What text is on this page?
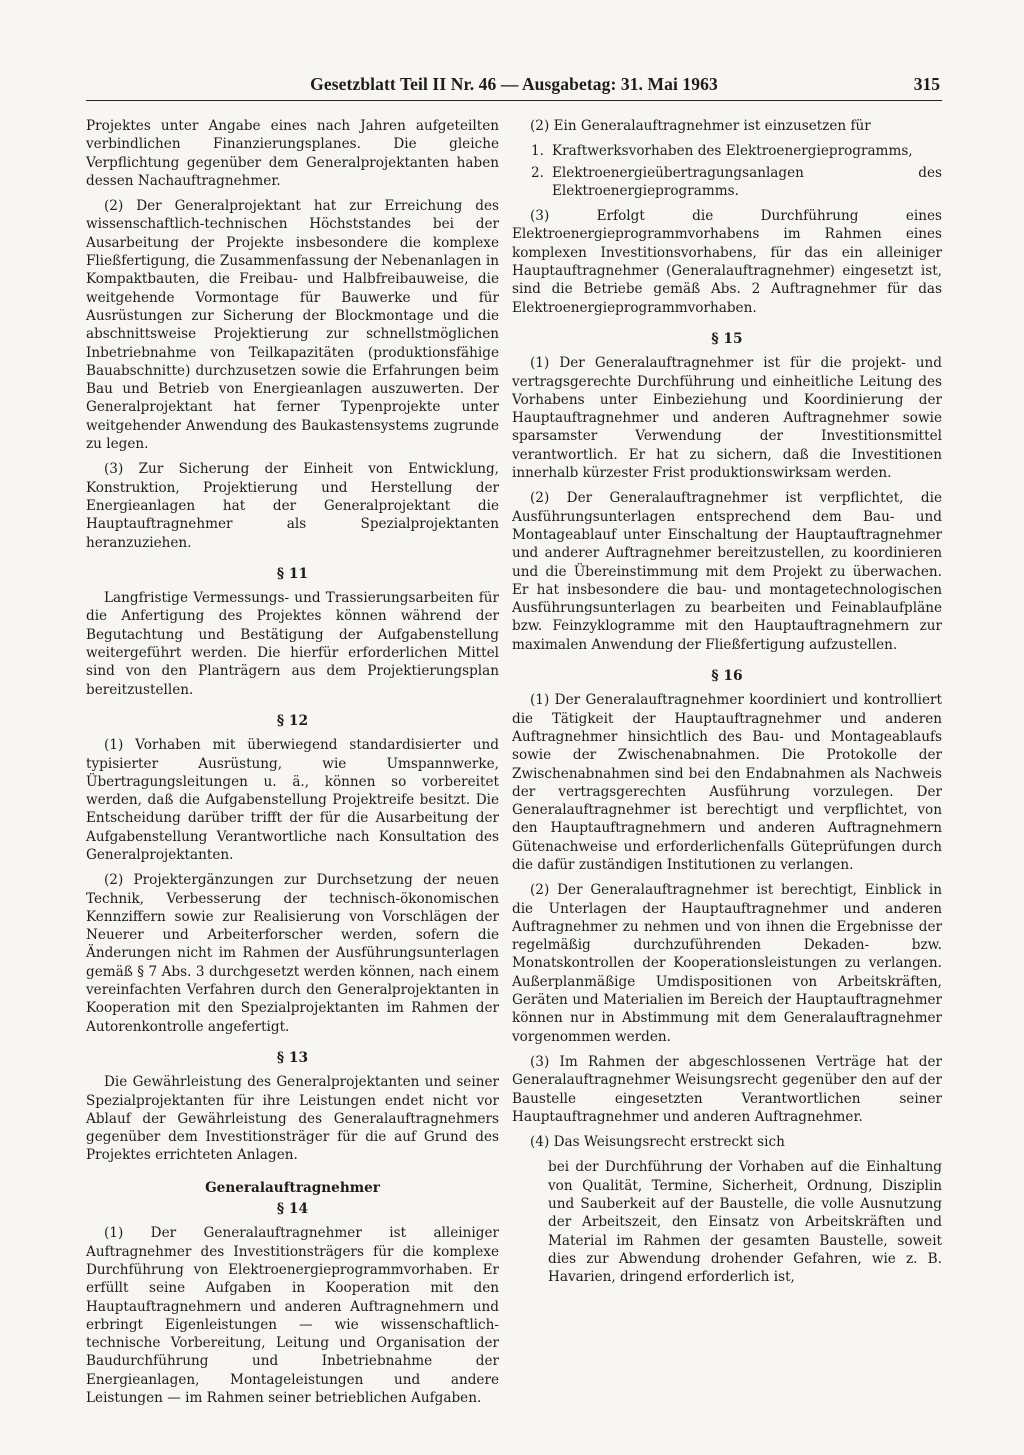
Gesetzblatt Teil II Nr. 46 — Ausgabetag: 31. Mai 1963	315

Projektes unter Angabe eines nach Jahren aufgeteilten verbindlichen Finanzierungsplanes. Die gleiche Verpflichtung gegenüber dem Generalprojektanten haben dessen Nachauftragnehmer.

(2) Der Generalprojektant hat zur Erreichung des wissenschaftlich-technischen Höchststandes bei der Ausarbeitung der Projekte insbesondere die komplexe Fließfertigung, die Zusammenfassung der Nebenanlagen in Kompaktbauten, die Freibau- und Halbfreibauweise, die weitgehende Vormontage für Bauwerke und für Ausrüstungen zur Sicherung der Blockmontage und die abschnittsweise Projektierung zur schnellstmöglichen Inbetriebnahme von Teilkapazitäten (produktionsfähige Bauabschnitte) durchzusetzen sowie die Erfahrungen beim Bau und Betrieb von Energieanlagen auszuwerten. Der Generalprojektant hat ferner Typenprojekte unter weitgehender Anwendung des Baukastensystems zugrunde zu legen.

(3) Zur Sicherung der Einheit von Entwicklung, Konstruktion, Projektierung und Herstellung der Energieanlagen hat der Generalprojektant die Hauptauftragnehmer als Spezialprojektanten heranzuziehen.

§ 11

Langfristige Vermessungs- und Trassierungsarbeiten für die Anfertigung des Projektes können während der Begutachtung und Bestätigung der Aufgabenstellung weitergeführt werden. Die hierfür erforderlichen Mittel sind von den Planträgern aus dem Projektierungsplan bereitzustellen.

§ 12

(1) Vorhaben mit überwiegend standardisierter und typisierter Ausrüstung, wie Umspannwerke, Übertragungsleitungen u. ä., können so vorbereitet werden, daß die Aufgabenstellung Projektreife besitzt. Die Entscheidung darüber trifft der für die Ausarbeitung der Aufgabenstellung Verantwortliche nach Konsultation des Generalprojektanten.

(2) Projektergänzungen zur Durchsetzung der neuen Technik, Verbesserung der technisch-ökonomischen Kennziffern sowie zur Realisierung von Vorschlägen der Neuerer und Arbeiterforscher werden, sofern die Änderungen nicht im Rahmen der Ausführungsunterlagen gemäß § 7 Abs. 3 durchgesetzt werden können, nach einem vereinfachten Verfahren durch den Generalprojektanten in Kooperation mit den Spezialprojektanten im Rahmen der Autorenkontrolle angefertigt.

§ 13

Die Gewährleistung des Generalprojektanten und seiner Spezialprojektanten für ihre Leistungen endet nicht vor Ablauf der Gewährleistung des Generalauftragnehmers gegenüber dem Investitionsträger für die auf Grund des Projektes errichteten Anlagen.

Generalauftragnehmer
§ 14

(1) Der Generalauftragnehmer ist alleiniger Auftragnehmer des Investitionsträgers für die komplexe Durchführung von Elektroenergieprogrammvorhaben. Er erfüllt seine Aufgaben in Kooperation mit den Hauptauftragnehmern und anderen Auftragnehmern und erbringt Eigenleistungen — wie wissenschaftlich-technische Vorbereitung, Leitung und Organisation der Baudurchführung und Inbetriebnahme der Energieanlagen, Montageleistungen und andere Leistungen — im Rahmen seiner betrieblichen Aufgaben.

(2) Ein Generalauftragnehmer ist einzusetzen für

1. Kraftwerksvorhaben des Elektroenergieprogramms,
2. Elektroenergieübertragungsanlagen des Elektroenergieprogramms.

(3) Erfolgt die Durchführung eines Elektroenergieprogrammvorhabens im Rahmen eines komplexen Investitionsvorhabens, für das ein alleiniger Hauptauftragnehmer (Generalauftragnehmer) eingesetzt ist, sind die Betriebe gemäß Abs. 2 Auftragnehmer für das Elektroenergieprogrammvorhaben.

§ 15

(1) Der Generalauftragnehmer ist für die projekt- und vertragsgerechte Durchführung und einheitliche Leitung des Vorhabens unter Einbeziehung und Koordinierung der Hauptauftragnehmer und anderen Auftragnehmer sowie sparsamster Verwendung der Investitionsmittel verantwortlich. Er hat zu sichern, daß die Investitionen innerhalb kürzester Frist produktionswirksam werden.

(2) Der Generalauftragnehmer ist verpflichtet, die Ausführungsunterlagen entsprechend dem Bau- und Montageablauf unter Einschaltung der Hauptauftragnehmer und anderer Auftragnehmer bereitzustellen, zu koordinieren und die Übereinstimmung mit dem Projekt zu überwachen. Er hat insbesondere die bau- und montagetechnologischen Ausführungsunterlagen zu bearbeiten und Feinablaufpläne bzw. Feinzyklogramme mit den Hauptauftragnehmern zur maximalen Anwendung der Fließfertigung aufzustellen.

§ 16

(1) Der Generalauftragnehmer koordiniert und kontrolliert die Tätigkeit der Hauptauftragnehmer und anderen Auftragnehmer hinsichtlich des Bau- und Montageablaufs sowie der Zwischenabnahmen. Die Protokolle der Zwischenabnahmen sind bei den Endabnahmen als Nachweis der vertragsgerechten Ausführung vorzulegen. Der Generalauftragnehmer ist berechtigt und verpflichtet, von den Hauptauftragnehmern und anderen Auftragnehmern Gütenachweise und erforderlichenfalls Güteprüfungen durch die dafür zuständigen Institutionen zu verlangen.

(2) Der Generalauftragnehmer ist berechtigt, Einblick in die Unterlagen der Hauptauftragnehmer und anderen Auftragnehmer zu nehmen und von ihnen die Ergebnisse der regelmäßig durchzuführenden Dekaden- bzw. Monatskontrollen der Kooperationsleistungen zu verlangen. Außerplanmäßige Umdispositionen von Arbeitskräften, Geräten und Materialien im Bereich der Hauptauftragnehmer können nur in Abstimmung mit dem Generalauftragnehmer vorgenommen werden.

(3) Im Rahmen der abgeschlossenen Verträge hat der Generalauftragnehmer Weisungsrecht gegenüber den auf der Baustelle eingesetzten Verantwortlichen seiner Hauptauftragnehmer und anderen Auftragnehmer.

(4) Das Weisungsrecht erstreckt sich

bei der Durchführung der Vorhaben auf die Einhaltung von Qualität, Termine, Sicherheit, Ordnung, Disziplin und Sauberkeit auf der Baustelle, die volle Ausnutzung der Arbeitszeit, den Einsatz von Arbeitskräften und Material im Rahmen der gesamten Baustelle, soweit dies zur Abwendung drohender Gefahren, wie z. B. Havarien, dringend erforderlich ist,
